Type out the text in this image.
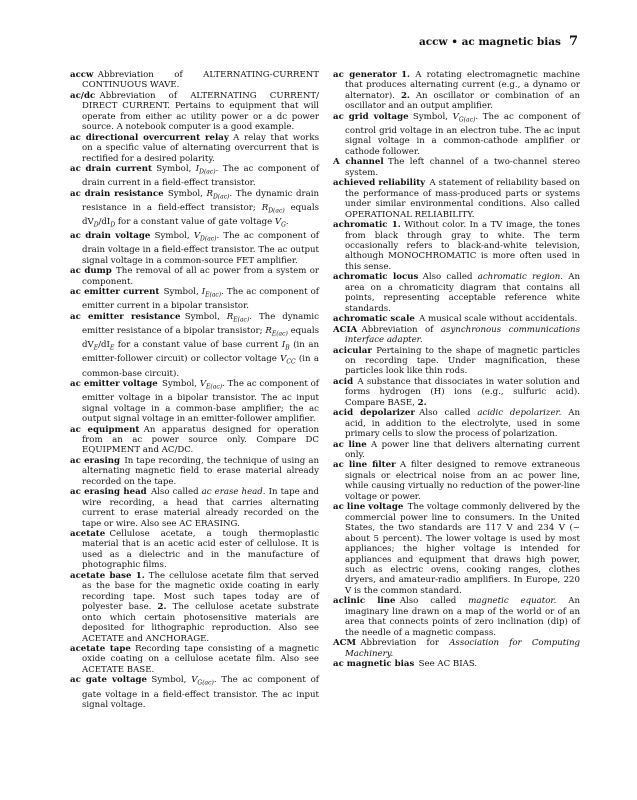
accw • ac magnetic bias 7

accw  Abbreviation of ALTERNATING-CURRENT CONTINUOUS WAVE.

ac/dc  Abbreviation of ALTERNATING CURRENT/ DIRECT CURRENT. Pertains to equipment that will operate from either ac utility power or a dc power source. A notebook computer is a good example.

ac directional overcurrent relay  A relay that works on a specific value of alternating overcurrent that is rectified for a desired polarity.

ac drain current  Symbol, $I_{D(ac)}$. The ac component of drain current in a field-effect transistor.

ac drain resistance  Symbol, $R_{D(ac)}$. The dynamic drain resistance in a field-effect transistor; $R_{D(ac)}$ equals $dV_D/dI_D$ for a constant value of gate voltage $V_G$.

ac drain voltage  Symbol, $V_{D(ac)}$. The ac component of drain voltage in a field-effect transistor. The ac output signal voltage in a common-source FET amplifier.

ac dump  The removal of all ac power from a system or component.

ac emitter current  Symbol, $I_{E(ac)}$. The ac component of emitter current in a bipolar transistor.

ac emitter resistance  Symbol, $R_{E(ac)}$. The dynamic emitter resistance of a bipolar transistor; $R_{E(ac)}$ equals $dV_E/dI_E$ for a constant value of base current $I_B$ (in an emitter-follower circuit) or collector voltage $V_{CC}$ (in a common-base circuit).

ac emitter voltage  Symbol, $V_{E(ac)}$. The ac component of emitter voltage in a bipolar transistor. The ac input signal voltage in a common-base amplifier; the ac output signal voltage in an emitter-follower amplifier.

ac equipment  An apparatus designed for operation from an ac power source only. Compare DC EQUIPMENT and AC/DC.

ac erasing  In tape recording, the technique of using an alternating magnetic field to erase material already recorded on the tape.

ac erasing head  Also called ac erase head. In tape and wire recording, a head that carries alternating current to erase material already recorded on the tape or wire. Also see AC ERASING.

acetate  Cellulose acetate, a tough thermoplastic material that is an acetic acid ester of cellulose. It is used as a dielectric and in the manufacture of photographic films.

acetate base  1. The cellulose acetate film that served as the base for the magnetic oxide coating in early recording tape. Most such tapes today are of polyester base. 2. The cellulose acetate substrate onto which certain photosensitive materials are deposited for lithographic reproduction. Also see ACETATE and ANCHORAGE.

acetate tape  Recording tape consisting of a magnetic oxide coating on a cellulose acetate film. Also see ACETATE BASE.

ac gate voltage  Symbol, $V_{G(ac)}$. The ac component of gate voltage in a field-effect transistor. The ac input signal voltage.

ac generator  1. A rotating electromagnetic machine that produces alternating current (e.g., a dynamo or alternator). 2. An oscillator or combination of an oscillator and an output amplifier.

ac grid voltage  Symbol, $V_{G(ac)}$. The ac component of control grid voltage in an electron tube. The ac input signal voltage in a common-cathode amplifier or cathode follower.

A channel  The left channel of a two-channel stereo system.

achieved reliability  A statement of reliability based on the performance of mass-produced parts or systems under similar environmental conditions. Also called OPERATIONAL RELIABILITY.

achromatic  1. Without color. In a TV image, the tones from black through gray to white. The term occasionally refers to black-and-white television, although MONOCHROMATIC is more often used in this sense.

achromatic locus  Also called achromatic region. An area on a chromaticity diagram that contains all points, representing acceptable reference white standards.

achromatic scale  A musical scale without accidentals.

ACIA  Abbreviation of asynchronous communications interface adapter.

acicular  Pertaining to the shape of magnetic particles on recording tape. Under magnification, these particles look like thin rods.

acid  A substance that dissociates in water solution and forms hydrogen (H) ions (e.g., sulfuric acid). Compare BASE, 2.

acid depolarizer  Also called acidic depolarizer. An acid, in addition to the electrolyte, used in some primary cells to slow the process of polarization.

ac line  A power line that delivers alternating current only.

ac line filter  A filter designed to remove extraneous signals or electrical noise from an ac power line, while causing virtually no reduction of the power-line voltage or power.

ac line voltage  The voltage commonly delivered by the commercial power line to consumers. In the United States, the two standards are 117 V and 234 V (~ about 5 percent). The lower voltage is used by most appliances; the higher voltage is intended for appliances and equipment that draws high power, such as electric ovens, cooking ranges, clothes dryers, and amateur-radio amplifiers. In Europe, 220 V is the common standard.

aclinic line  Also called magnetic equator. An imaginary line drawn on a map of the world or of an area that connects points of zero inclination (dip) of the needle of a magnetic compass.

ACM  Abbreviation for Association for Computing Machinery.

ac magnetic bias  See AC BIAS.
